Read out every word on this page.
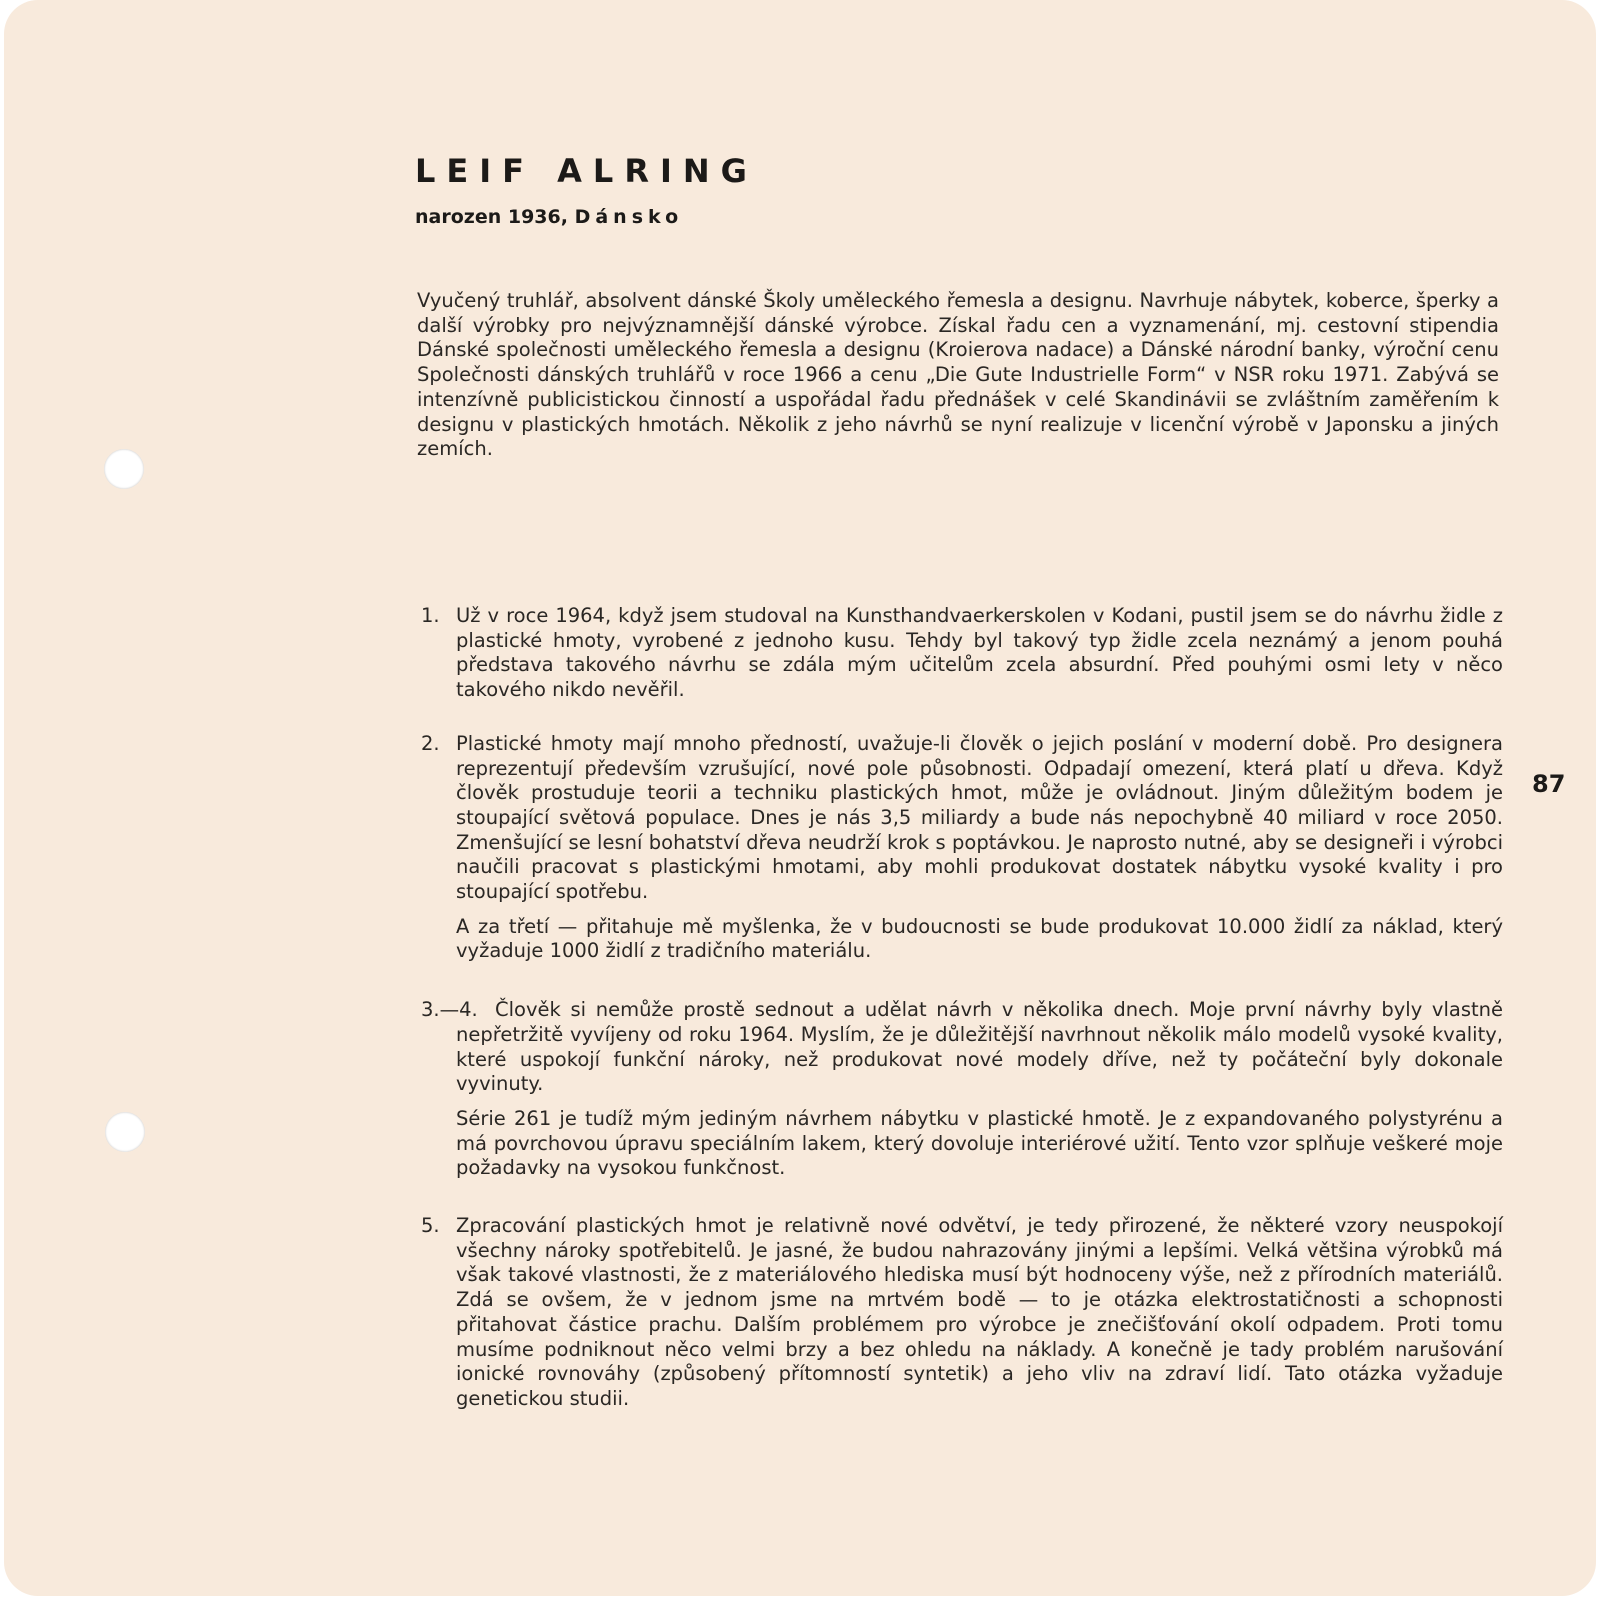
LEIF ALRING

narozen 1936, Dánsko

Vyučený truhlář, absolvent dánské Školy uměleckého řemesla a designu. Navrhuje nábytek, koberce, šperky a další výrobky pro nejvýznamnější dánské výrobce. Získal řadu cen a vyznamenání, mj. cestovní stipendia Dánské společnosti uměleckého řemesla a designu (Kroierova nadace) a Dánské národní banky, výroční cenu Společnosti dánských truhlářů v roce 1966 a cenu „Die Gute Industrielle Form“ v NSR roku 1971. Zabývá se intenzívně publicistickou činností a uspořádal řadu přednášek v celé Skandinávii se zvláštním zaměřením k designu v plastických hmotách. Několik z jeho návrhů se nyní realizuje v licenční výrobě v Japonsku a jiných zemích.

1. Už v roce 1964, když jsem studoval na Kunsthandvaerkerskolen v Kodani, pustil jsem se do návrhu židle z plastické hmoty, vyrobené z jednoho kusu. Tehdy byl takový typ židle zcela neznámý a jenom pouhá představa takového návrhu se zdála mým učitelům zcela absurdní. Před pouhými osmi lety v něco takového nikdo nevěřil.

2. Plastické hmoty mají mnoho předností, uvažuje-li člověk o jejich poslání v moderní době. Pro designera reprezentují především vzrušující, nové pole působnosti. Odpadají omezení, která platí u dřeva. Když člověk prostuduje teorii a techniku plastických hmot, může je ovládnout. Jiným důležitým bodem je stoupající světová populace. Dnes je nás 3,5 miliardy a bude nás nepochybně 40 miliard v roce 2050. Zmenšující se lesní bohatství dřeva neudrží krok s poptávkou. Je naprosto nutné, aby se designeři i výrobci naučili pracovat s plastickými hmotami, aby mohli produkovat dostatek nábytku vysoké kvality i pro stoupající spotřebu.

A za třetí — přitahuje mě myšlenka, že v budoucnosti se bude produkovat 10.000 židlí za náklad, který vyžaduje 1000 židlí z tradičního materiálu.

3.—4. Člověk si nemůže prostě sednout a udělat návrh v několika dnech. Moje první návrhy byly vlastně nepřetržitě vyvíjeny od roku 1964. Myslím, že je důležitější navrhnout několik málo modelů vysoké kvality, které uspokojí funkční nároky, než produkovat nové modely dříve, než ty počáteční byly dokonale vyvinuty.

Série 261 je tudíž mým jediným návrhem nábytku v plastické hmotě. Je z expandovaného polystyrénu a má povrchovou úpravu speciálním lakem, který dovoluje interiérové užití. Tento vzor splňuje veškeré moje požadavky na vysokou funkčnost.

5. Zpracování plastických hmot je relativně nové odvětví, je tedy přirozené, že některé vzory neuspokojí všechny nároky spotřebitelů. Je jasné, že budou nahrazovány jinými a lepšími. Velká většina výrobků má však takové vlastnosti, že z materiálového hlediska musí být hodnoceny výše, než z přírodních materiálů. Zdá se ovšem, že v jednom jsme na mrtvém bodě — to je otázka elektrostatičnosti a schopnosti přitahovat částice prachu. Dalším problémem pro výrobce je znečišťování okolí odpadem. Proti tomu musíme podniknout něco velmi brzy a bez ohledu na náklady. A konečně je tady problém narušování ionické rovnováhy (způsobený přítomností syntetik) a jeho vliv na zdraví lidí. Tato otázka vyžaduje genetickou studii.

87
